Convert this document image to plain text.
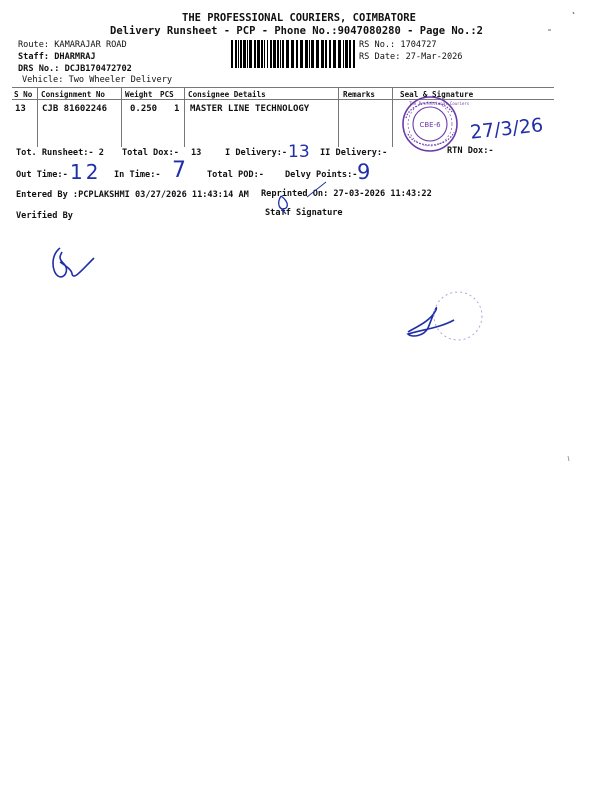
THE PROFESSIONAL COURIERS, COIMBATORE
Delivery Runsheet - PCP - Phone No.:9047080280 - Page No.:2
Route: KAMARAJAR ROAD
Staff: DHARMRAJ
DRS No.: DCJB170472702
Vehicle: Two Wheeler Delivery
RS No.: 1704727
RS Date: 27-Mar-2026
S No Consignment No	Weight PCS Consignee Details	Remarks	Seal & Signature
13 CJB 81602246	0.250 1 MASTER LINE TECHNOLOGY
CBE-6
The Professional Couriers
27/3/26
Tot. Runsheet:- 2 Total Dox:- 13	I Delivery:- 13 II Delivery:-	RTN Dox:-
Out Time:- 12 In Time:- 7 Total POD:- Delvy Points:- 9
Entered By :PCPLAKSHMI 03/27/2026 11:43:14 AM Reprinted On: 27-03-2026 11:43:22
Verified By	Staff Signature
